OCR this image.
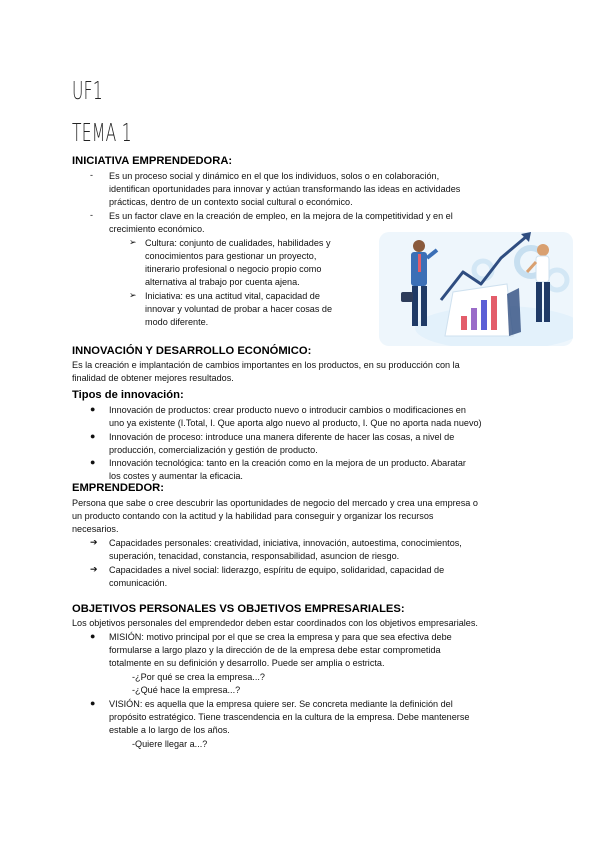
UF1
TEMA 1
INICIATIVA EMPRENDEDORA:
- Es un proceso social y dinámico en el que los individuos, solos o en colaboración,
identifican oportunidades para innovar y actúan transformando las ideas en actividades
prácticas, dentro de un contexto social cultural o económico.
- Es un factor clave en la creación de empleo, en la mejora de la competitividad y en el
crecimiento económico.
➢ Cultura: conjunto de cualidades, habilidades y
conocimientos para gestionar un proyecto,
itinerario profesional o negocio propio como
alternativa al trabajo por cuenta ajena.
➢ Iniciativa: es una actitud vital, capacidad de
innovar y voluntad de probar a hacer cosas de
modo diferente.
INNOVACIÓN Y DESARROLLO ECONÓMICO:
Es la creación e implantación de cambios importantes en los productos, en su producción con la
finalidad de obtener mejores resultados.
Tipos de innovación:
● Innovación de productos: crear producto nuevo o introducir cambios o modificaciones en
uno ya existente (I.Total, I. Que aporta algo nuevo al producto, I. Que no aporta nada nuevo)
● Innovación de proceso: introduce una manera diferente de hacer las cosas, a nivel de
producción, comercialización y gestión de producto.
● Innovación tecnológica: tanto en la creación como en la mejora de un producto. Abaratar
los costes y aumentar la eficacia.
EMPRENDEDOR:
Persona que sabe o cree descubrir las oportunidades de negocio del mercado y crea una empresa o
un producto contando con la actitud y la habilidad para conseguir y organizar los recursos
necesarios.
➔ Capacidades personales: creatividad, iniciativa, innovación, autoestima, conocimientos,
superación, tenacidad, constancia, responsabilidad, asuncion de riesgo.
➔ Capacidades a nivel social: liderazgo, espíritu de equipo, solidaridad, capacidad de
comunicación.
OBJETIVOS PERSONALES VS OBJETIVOS EMPRESARIALES:
Los objetivos personales del emprendedor deben estar coordinados con los objetivos empresariales.
● MISIÓN: motivo principal por el que se crea la empresa y para que sea efectiva debe
formularse a largo plazo y la dirección de de la empresa debe estar comprometida
totalmente en su definición y desarrollo. Puede ser amplia o estricta.
-¿Por qué se crea la empresa...?
-¿Qué hace la empresa...?
● VISIÓN: es aquella que la empresa quiere ser. Se concreta mediante la definición del
propósito estratégico. Tiene trascendencia en la cultura de la empresa. Debe mantenerse
estable a lo largo de los años.
-Quiere llegar a...?
